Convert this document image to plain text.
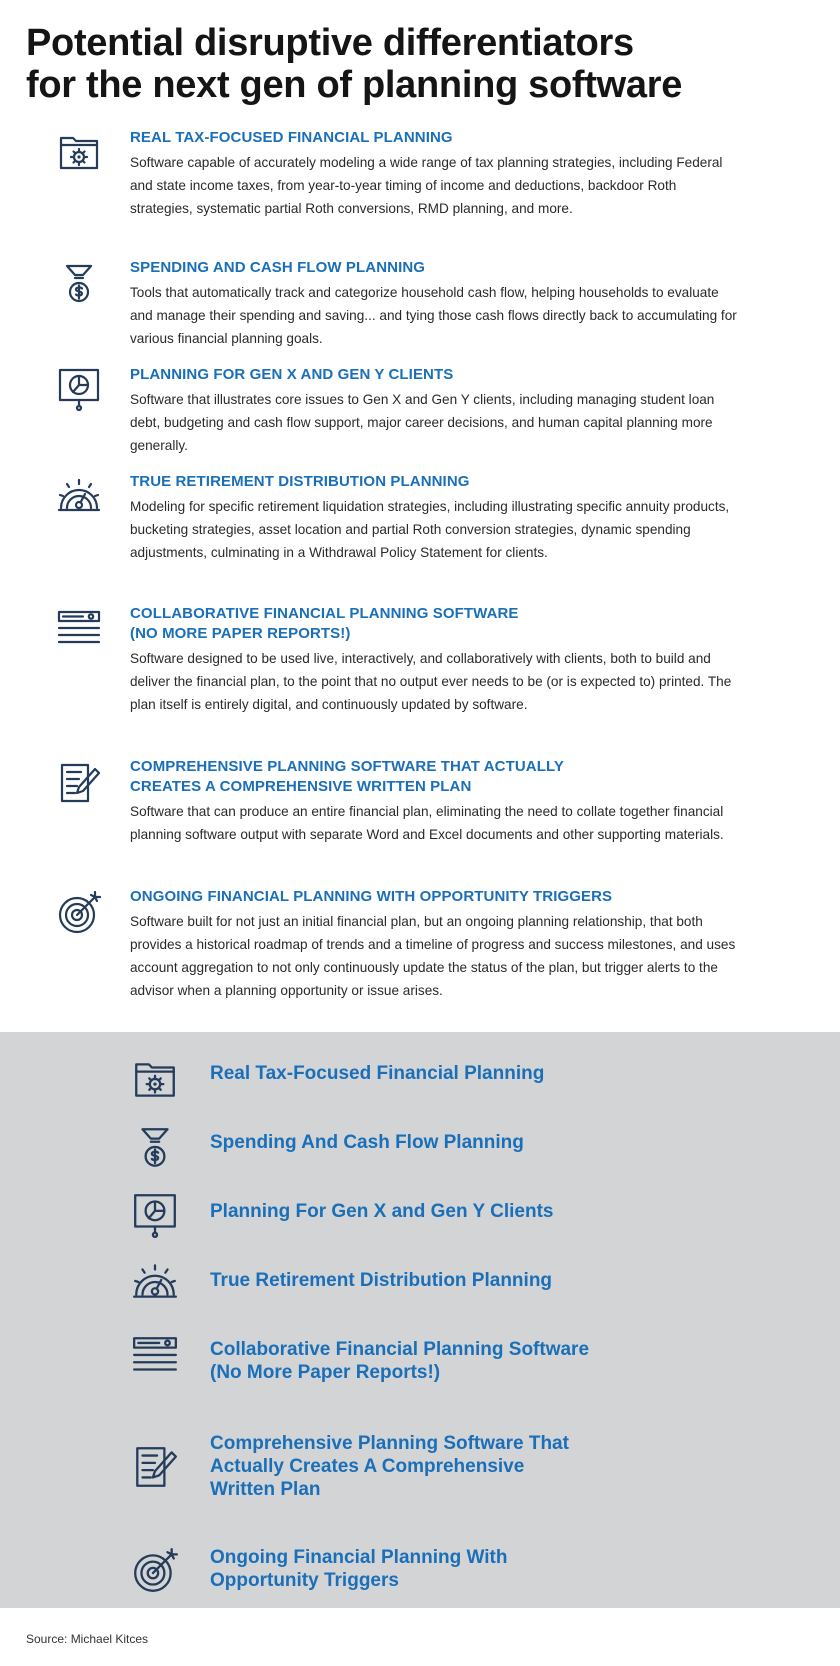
Potential disruptive differentiators
for the next gen of planning software
REAL TAX-FOCUSED FINANCIAL PLANNING

Software capable of accurately modeling a wide range of tax planning strategies, including Federal and state income taxes, from year-to-year timing of income and deductions, backdoor Roth strategies, systematic partial Roth conversions, RMD planning, and more.

SPENDING AND CASH FLOW PLANNING

Tools that automatically track and categorize household cash flow, helping households to evaluate and manage their spending and saving... and tying those cash flows directly back to accumulating for various financial planning goals.

PLANNING FOR GEN X AND GEN Y CLIENTS

Software that illustrates core issues to Gen X and Gen Y clients, including managing student loan debt, budgeting and cash flow support, major career decisions, and human capital planning more generally.

TRUE RETIREMENT DISTRIBUTION PLANNING

Modeling for specific retirement liquidation strategies, including illustrating specific annuity products, bucketing strategies, asset location and partial Roth conversion strategies, dynamic spending adjustments, culminating in a Withdrawal Policy Statement for clients.

COLLABORATIVE FINANCIAL PLANNING SOFTWARE
(NO MORE PAPER REPORTS!)

Software designed to be used live, interactively, and collaboratively with clients, both to build and deliver the financial plan, to the point that no output ever needs to be (or is expected to) printed. The plan itself is entirely digital, and continuously updated by software.

COMPREHENSIVE PLANNING SOFTWARE THAT ACTUALLY
CREATES A COMPREHENSIVE WRITTEN PLAN

Software that can produce an entire financial plan, eliminating the need to collate together financial planning software output with separate Word and Excel documents and other supporting materials.

ONGOING FINANCIAL PLANNING WITH OPPORTUNITY TRIGGERS

Software built for not just an initial financial plan, but an ongoing planning relationship, that both provides a historical roadmap of trends and a timeline of progress and success milestones, and uses account aggregation to not only continuously update the status of the plan, but trigger alerts to the advisor when a planning opportunity or issue arises.

Real Tax-Focused Financial Planning

Spending And Cash Flow Planning

Planning For Gen X and Gen Y Clients

True Retirement Distribution Planning

Collaborative Financial Planning Software
(No More Paper Reports!)

Comprehensive Planning Software That
Actually Creates A Comprehensive
Written Plan

Ongoing Financial Planning With
Opportunity Triggers

Source: Michael Kitces
